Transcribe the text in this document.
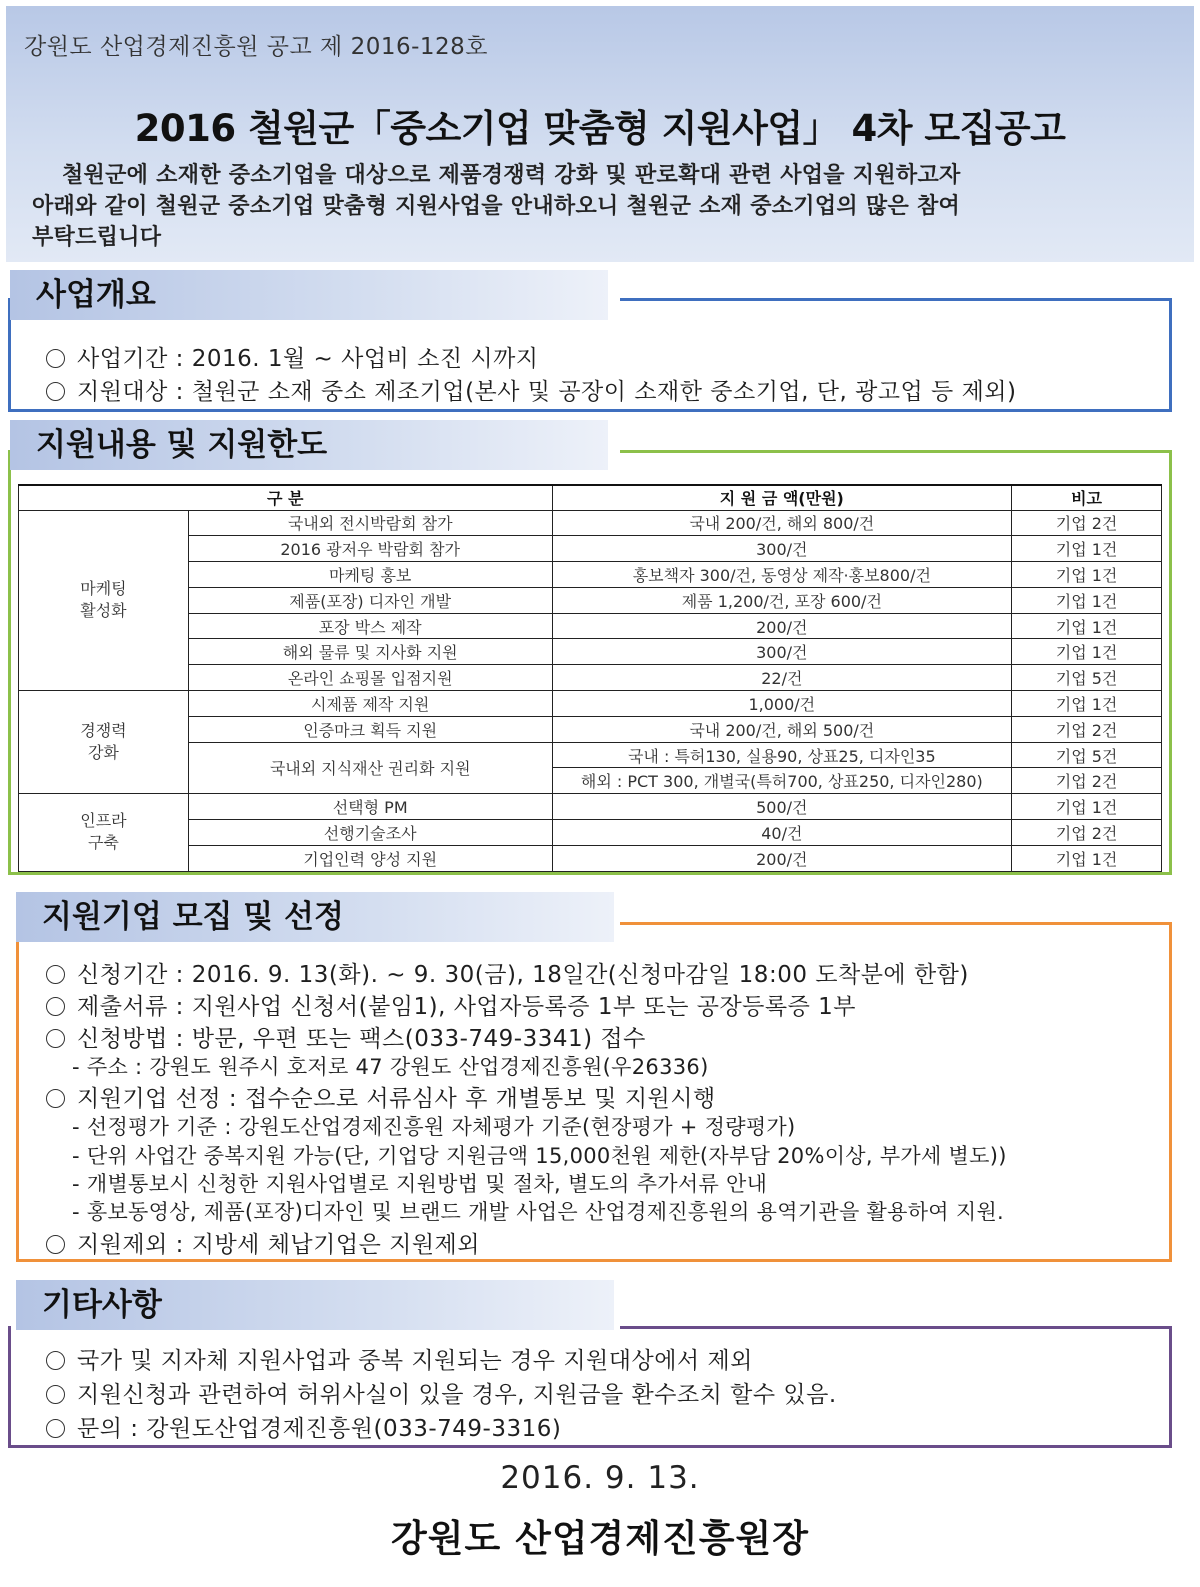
강원도 산업경제진흥원 공고 제 2016-128호
2016 철원군「중소기업 맞춤형 지원사업」 4차 모집공고
철원군에 소재한 중소기업을 대상으로 제품경쟁력 강화 및 판로확대 관련 사업을 지원하고자
아래와 같이 철원군 중소기업 맞춤형 지원사업을 안내하오니 철원군 소재 중소기업의 많은 참여
부탁드립니다
사업개요
사업기간 : 2016. 1월 ~ 사업비 소진 시까지
지원대상 : 철원군 소재 중소 제조기업(본사 및 공장이 소재한 중소기업, 단, 광고업 등 제외)
지원내용 및 지원한도
구 분		지 원 금 액(만원)	비고
마케팅
활성화	국내외 전시박람회 참가	국내 200/건, 해외 800/건	기업 2건
	2016 광저우 박람회 참가	300/건	기업 1건
	마케팅 홍보	홍보책자 300/건, 동영상 제작·홍보800/건	기업 1건
	제품(포장) 디자인 개발	제품 1,200/건, 포장 600/건	기업 1건
	포장 박스 제작	200/건	기업 1건
	해외 물류 및 지사화 지원	300/건	기업 1건
	온라인 쇼핑몰 입점지원	22/건	기업 5건
경쟁력
강화	시제품 제작 지원	1,000/건	기업 1건
	인증마크 획득 지원	국내 200/건, 해외 500/건	기업 2건
	국내외 지식재산 권리화 지원	국내 : 특허130, 실용90, 상표25, 디자인35	기업 5건
		해외 : PCT 300, 개별국(특허700, 상표250, 디자인280)	기업 2건
인프라
구축	선택형 PM	500/건	기업 1건
	선행기술조사	40/건	기업 2건
	기업인력 양성 지원	200/건	기업 1건
지원기업 모집 및 선정
신청기간 : 2016. 9. 13(화). ~ 9. 30(금), 18일간(신청마감일 18:00 도착분에 한함)
제출서류 : 지원사업 신청서(붙임1), 사업자등록증 1부 또는 공장등록증 1부
신청방법 : 방문, 우편 또는 팩스(033-749-3341) 접수
- 주소 : 강원도 원주시 호저로 47 강원도 산업경제진흥원(우26336)
지원기업 선정 : 접수순으로 서류심사 후 개별통보 및 지원시행
- 선정평가 기준 : 강원도산업경제진흥원 자체평가 기준(현장평가 + 정량평가)
- 단위 사업간 중복지원 가능(단, 기업당 지원금액 15,000천원 제한(자부담 20%이상, 부가세 별도))
- 개별통보시 신청한 지원사업별로 지원방법 및 절차, 별도의 추가서류 안내
- 홍보동영상, 제품(포장)디자인 및 브랜드 개발 사업은 산업경제진흥원의 용역기관을 활용하여 지원.
지원제외 : 지방세 체납기업은 지원제외
기타사항
국가 및 지자체 지원사업과 중복 지원되는 경우 지원대상에서 제외
지원신청과 관련하여 허위사실이 있을 경우, 지원금을 환수조치 할수 있음.
문의 : 강원도산업경제진흥원(033-749-3316)
2016. 9. 13.
강원도 산업경제진흥원장
